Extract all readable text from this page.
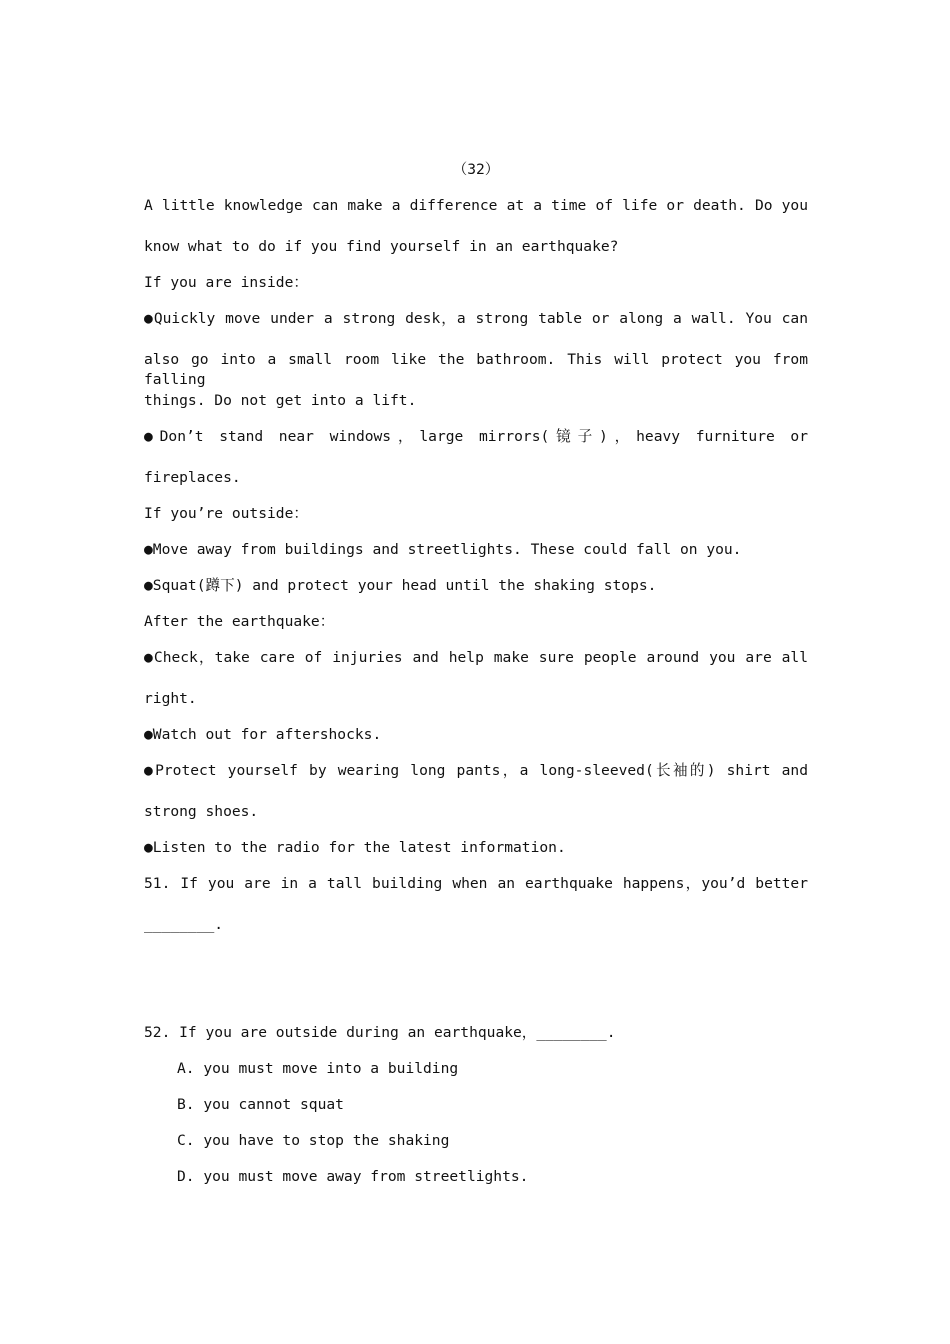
（32）
A little knowledge can make a difference at a time of life or death. Do you
know what to do if you find yourself in an earthquake?
If you are inside：
●Quickly move under a strong desk，a strong table or along a wall. You can
also go into a small room like the bathroom. This will protect you from falling
things. Do not get into a lift.
●Don’t stand near windows，large mirrors(镜子)，heavy furniture or
fireplaces.
If you’re outside：
●Move away from buildings and streetlights. These could fall on you.
●Squat(蹲下) and protect your head until the shaking stops.
After the earthquake：
●Check，take care of injuries and help make sure people around you are all
right.
●Watch out for aftershocks.
●Protect yourself by wearing long pants，a long-sleeved(长袖的) shirt and
strong shoes.
●Listen to the radio for the latest information.
51. If you are in a tall building when an earthquake happens，you’d better
________.
52. If you are outside during an earthquake，________.
A. you must move into a building
B. you cannot squat
C. you have to stop the shaking
D. you must move away from streetlights.
